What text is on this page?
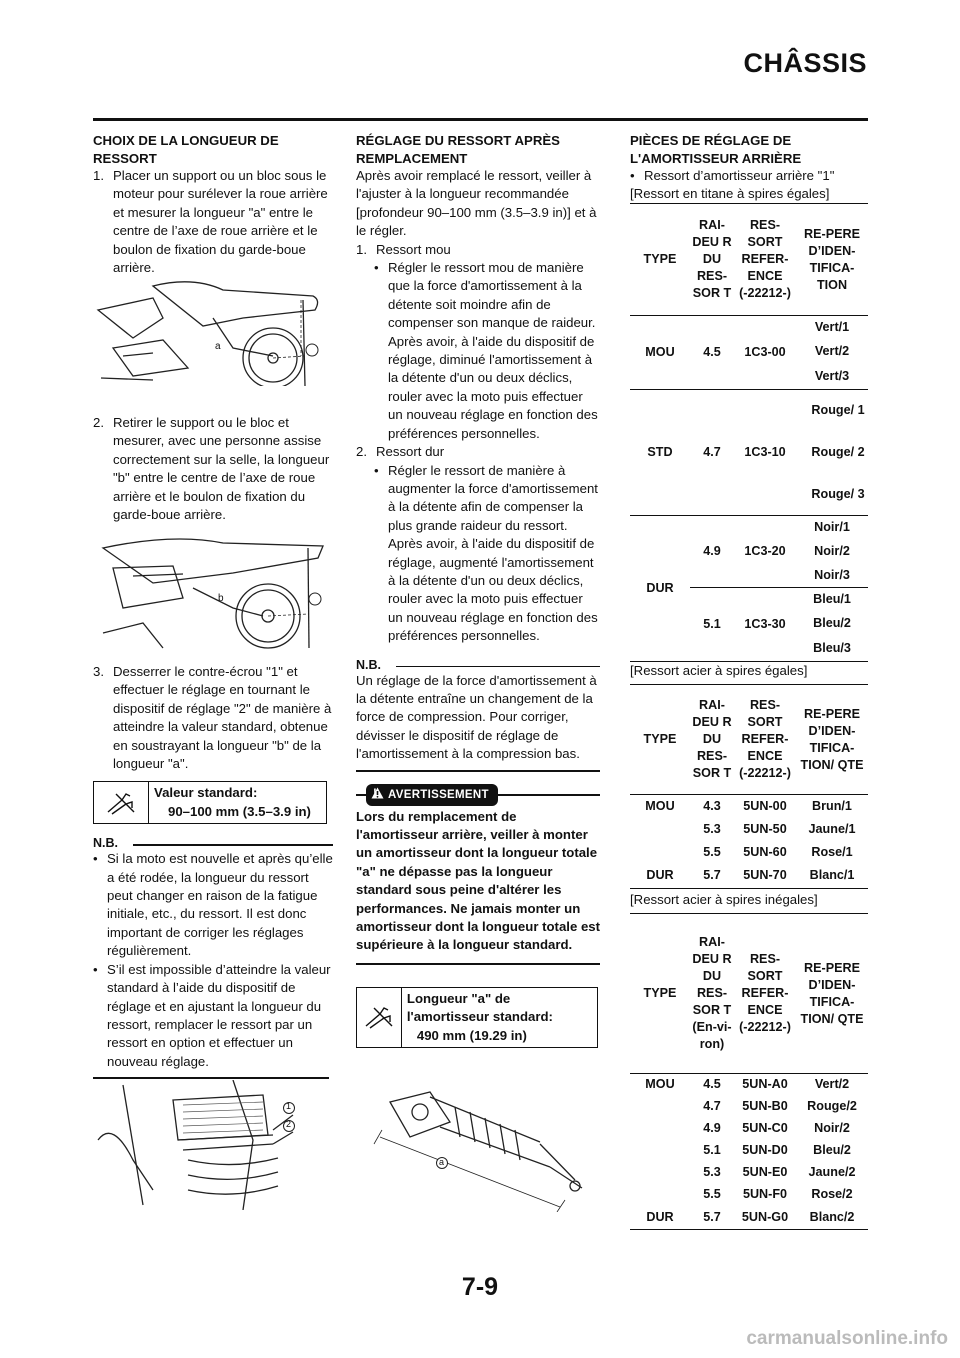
CHÂSSIS
CHOIX DE LA LONGUEUR DE RESSORT
1. Placer un support ou un bloc sous le moteur pour surélever la roue arrière et mesurer la longueur "a" entre le centre de l’axe de roue arrière et le boulon de fixation du garde-boue arrière.
a
2. Retirer le support ou le bloc et mesurer, avec une personne assise correctement sur la selle, la longueur "b" entre le centre de l’axe de roue arrière et le boulon de fixation du garde-boue arrière.
b
3. Desserrer le contre-écrou "1" et effectuer le réglage en tournant le dispositif de réglage "2" de manière à atteindre la valeur standard, obtenue en soustrayant la longueur "b" de la longueur "a".
Valeur standard:
90–100 mm (3.5–3.9 in)
N.B.
• Si la moto est nouvelle et après qu’elle a été rodée, la longueur du ressort peut changer en raison de la fatigue initiale, etc., du ressort. Il est donc important de corriger les réglages régulièrement.
• S’il est impossible d’atteindre la valeur standard à l’aide du dispositif de réglage et en ajustant la longueur du ressort, remplacer le ressort par un ressort en option et effectuer un nouveau réglage.
1
2
RÉGLAGE DU RESSORT APRÈS REMPLACEMENT
Après avoir remplacé le ressort, veiller à l'ajuster à la longueur recommandée [profondeur 90–100 mm (3.5–3.9 in)] et à le régler.
1. Ressort mou
• Régler le ressort mou de manière que la force d'amortissement à la détente soit moindre afin de compenser son manque de raideur. Après avoir, à l'aide du dispositif de réglage, diminué l'amortissement à la détente d'un ou deux déclics, rouler avec la moto puis effectuer un nouveau réglage en fonction des préférences personnelles.
2. Ressort dur
• Régler le ressort de manière à augmenter la force d'amortissement à la détente afin de compenser la plus grande raideur du ressort. Après avoir, à l'aide du dispositif de réglage, augmenté l'amortissement à la détente d'un ou deux déclics, rouler avec la moto puis effectuer un nouveau réglage en fonction des préférences personnelles.
N.B.
Un réglage de la force d'amortissement à la détente entraîne un changement de la force de compression. Pour corriger, dévisser le dispositif de réglage de l'amortissement à la compression bas.
! AVERTISSEMENT
Lors du remplacement de l'amortisseur arrière, veiller à monter un amortisseur dont la longueur totale "a" ne dépasse pas la longueur standard sous peine d'altérer les performances. Ne jamais monter un amortisseur dont la longueur totale est supérieure à la longueur standard.
Longueur "a" de l'amortisseur standard:
490 mm (19.29 in)
a
PIÈCES DE RÉGLAGE DE L'AMORTISSEUR ARRIÈRE
• Ressort d’amortisseur arrière "1"
[Ressort en titane à spires égales]
TYPE	RAI-DEU R DU RES-SOR T	RES-SORT REFER-ENCE (-22212-)	RE-PERE D’IDEN-TIFICA-TION
MOU	4.5	1C3-00	Vert/1
			Vert/2
			Vert/3
STD	4.7	1C3-10	Rouge/ 1
			Rouge/ 2
			Rouge/ 3
DUR	4.9	1C3-20	Noir/1
			Noir/2
			Noir/3
	5.1	1C3-30	Bleu/1
			Bleu/2
			Bleu/3
[Ressort acier à spires égales]
TYPE	RAI-DEU R DU RES-SOR T	RES-SORT REFER-ENCE (-22212-)	RE-PERE D’IDEN-TIFICA-TION/ QTE
MOU	4.3	5UN-00	Brun/1
	5.3	5UN-50	Jaune/1
	5.5	5UN-60	Rose/1
DUR	5.7	5UN-70	Blanc/1
[Ressort acier à spires inégales]
TYPE	RAI-DEU R DU RES-SOR T (En-vi-ron)	RES-SORT REFER-ENCE (-22212-)	RE-PERE D’IDEN-TIFICA-TION/ QTE
MOU	4.5	5UN-A0	Vert/2
	4.7	5UN-B0	Rouge/2
	4.9	5UN-C0	Noir/2
	5.1	5UN-D0	Bleu/2
	5.3	5UN-E0	Jaune/2
	5.5	5UN-F0	Rose/2
DUR	5.7	5UN-G0	Blanc/2
7-9
carmanualsonline.info
